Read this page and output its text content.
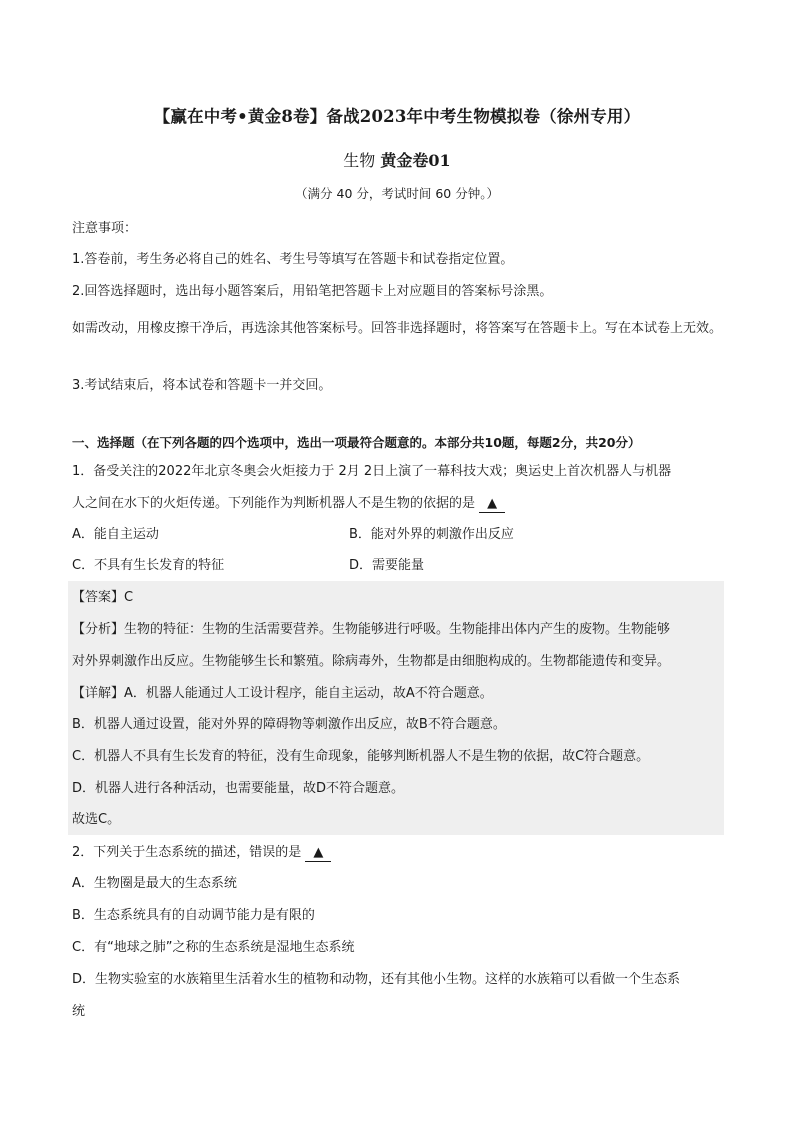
【赢在中考•黄金8卷】备战2023年中考生物模拟卷（徐州专用）
生物 黄金卷01
（满分 40 分，考试时间 60 分钟。）
注意事项：
1.答卷前，考生务必将自己的姓名、考生号等填写在答题卡和试卷指定位置。
2.回答选择题时，选出每小题答案后，用铅笔把答题卡上对应题目的答案标号涂黑。
如需改动，用橡皮擦干净后，再选涂其他答案标号。回答非选择题时，将答案写在答题卡上。写在本试卷上无效。
3.考试结束后，将本试卷和答题卡一并交回。
一、选择题（在下列各题的四个选项中，选出一项最符合题意的。本部分共10题，每题2分，共20分）
1．备受关注的2022年北京冬奥会火炬接力于 2月 2日上演了一幕科技大戏；奥运史上首次机器人与机器
人之间在水下的火炬传递。下列能作为判断机器人不是生物的依据的是 ▲
A．能自主运动	B．能对外界的刺激作出反应
C．不具有生长发育的特征	D．需要能量
【答案】C
【分析】生物的特征：生物的生活需要营养。生物能够进行呼吸。生物能排出体内产生的废物。生物能够
对外界刺激作出反应。生物能够生长和繁殖。除病毒外，生物都是由细胞构成的。生物都能遗传和变异。
【详解】A．机器人能通过人工设计程序，能自主运动，故A不符合题意。
B．机器人通过设置，能对外界的障碍物等刺激作出反应，故B不符合题意。
C．机器人不具有生长发育的特征，没有生命现象，能够判断机器人不是生物的依据，故C符合题意。
D．机器人进行各种活动，也需要能量，故D不符合题意。
故选C。
2．下列关于生态系统的描述，错误的是 ▲
A．生物圈是最大的生态系统
B．生态系统具有的自动调节能力是有限的
C．有“地球之肺”之称的生态系统是湿地生态系统
D．生物实验室的水族箱里生活着水生的植物和动物，还有其他小生物。这样的水族箱可以看做一个生态系
统
